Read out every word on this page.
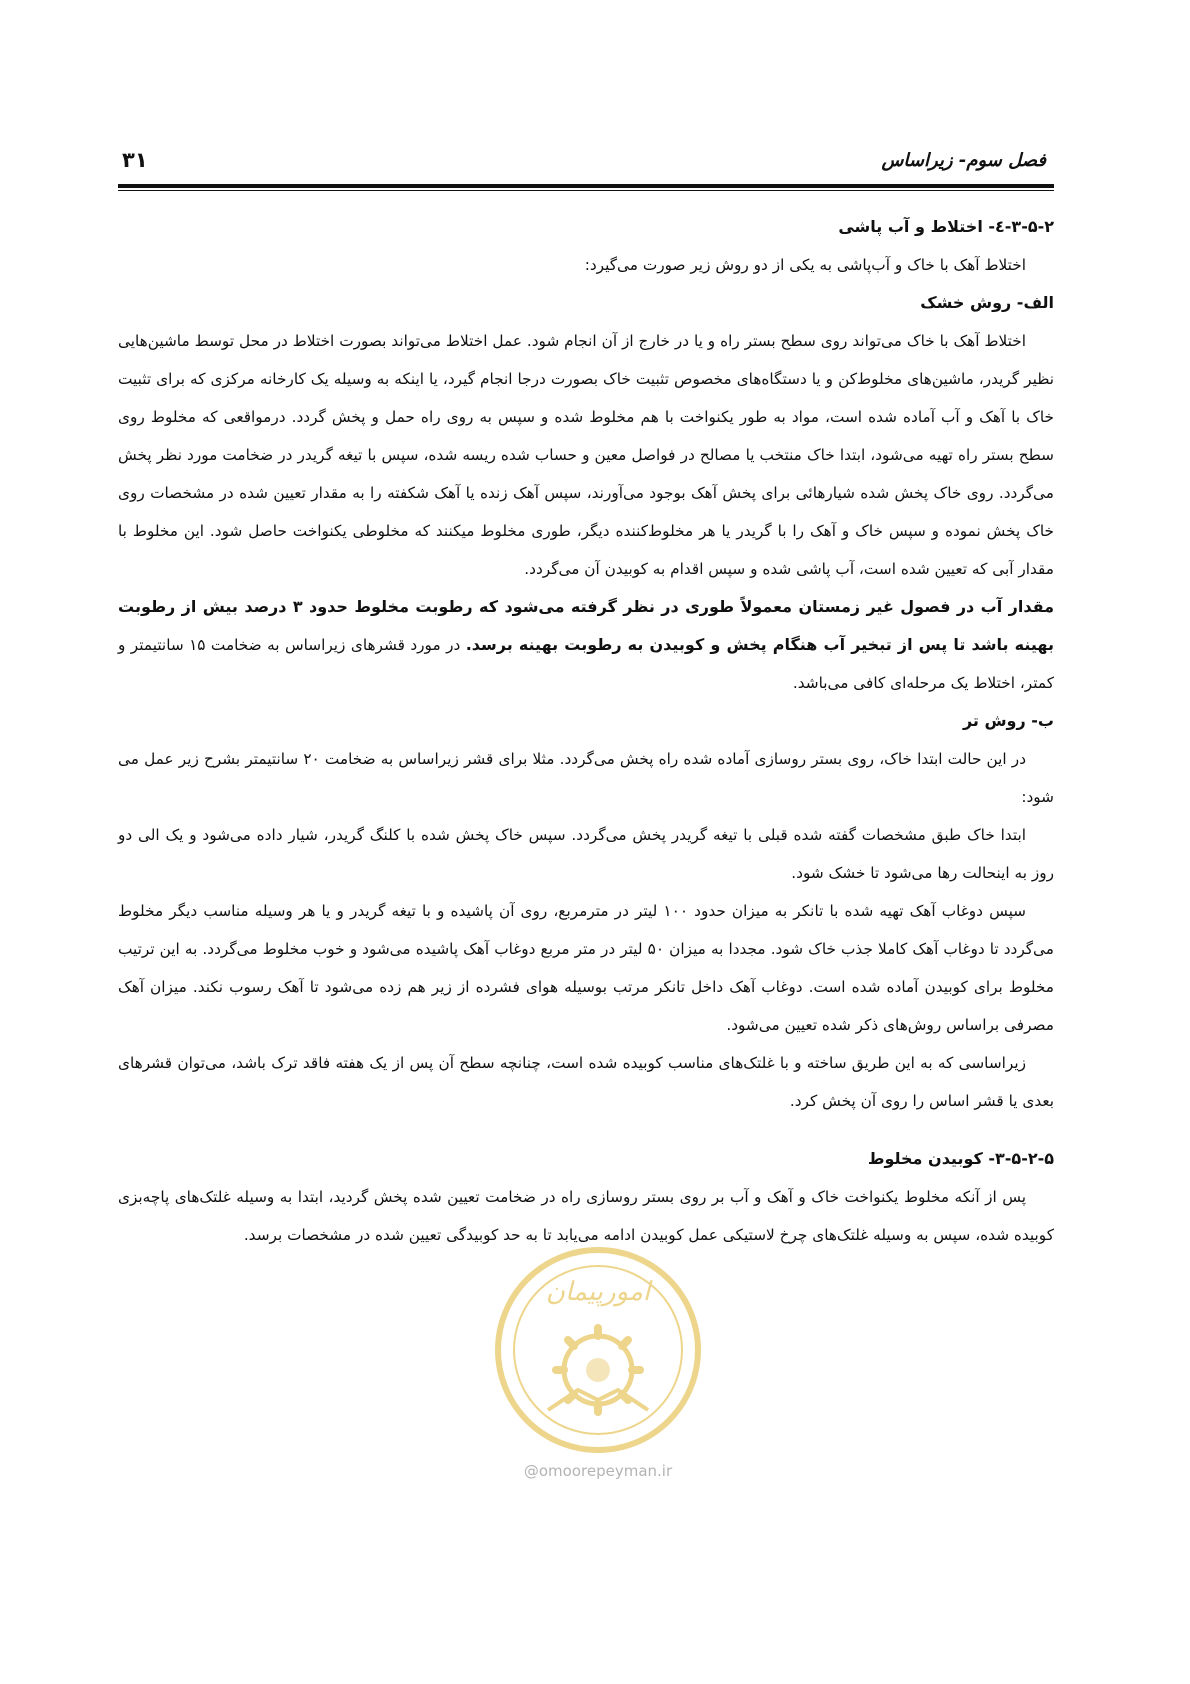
فصل سوم- زیراساس
۳۱
۳-۵-۲-٤- اختلاط و آب پاشی

اختلاط آهک با خاک و آب‌پاشی به یکی از دو روش زیر صورت می‌گیرد:

الف- روش خشک

اختلاط آهک با خاک می‌تواند روی سطح بستر راه و یا در خارج از آن انجام شود. عمل اختلاط می‌تواند بصورت اختلاط در محل توسط ماشین‌هایی نظیر گریدر، ماشین‌های مخلوط‌کن و یا دستگاه‌های مخصوص تثبیت خاک بصورت درجا انجام گیرد، یا اینکه به وسیله یک کارخانه مرکزی که برای تثبیت خاک با آهک و آب آماده شده است، مواد به طور یکنواخت با هم مخلوط شده و سپس به روی راه حمل و پخش گردد. درمواقعی که مخلوط روی سطح بستر راه تهیه می‌شود، ابتدا خاک منتخب یا مصالح در فواصل معین و حساب شده ریسه شده، سپس با تیغه گریدر در ضخامت مورد نظر پخش می‌گردد. روی خاک پخش شده شیارهائی برای پخش آهک بوجود می‌آورند، سپس آهک زنده یا آهک شکفته را به مقدار تعیین شده در مشخصات روی خاک پخش نموده و سپس خاک و آهک را با گریدر یا هر مخلوط‌کننده دیگر، طوری مخلوط میکنند که مخلوطی یکنواخت حاصل شود. این مخلوط با مقدار آبی که تعیین شده است، آب پاشی شده و سپس اقدام به کوبیدن آن می‌گردد.

مقدار آب در فصول غیر زمستان معمولاً طوری در نظر گرفته می‌شود که رطوبت مخلوط حدود ۳ درصد بیش از رطوبت بهینه باشد تا پس از تبخیر آب هنگام پخش و کوبیدن به رطوبت بهینه برسد. در مورد قشرهای زیراساس به ضخامت ۱۵ سانتیمتر و کمتر، اختلاط یک مرحله‌ای کافی می‌باشد.

ب- روش تر

در این حالت ابتدا خاک، روی بستر روسازی آماده شده راه پخش می‌گردد. مثلا برای قشر زیراساس به ضخامت ۲۰ سانتیمتر بشرح زیر عمل می شود:

ابتدا خاک طبق مشخصات گفته شده قبلی با تیغه گریدر پخش می‌گردد. سپس خاک پخش شده با کلنگ گریدر، شیار داده می‌شود و یک الی دو روز به اینحالت رها می‌شود تا خشک شود.

سپس دوغاب آهک تهیه شده با تانکر به میزان حدود ۱۰۰ لیتر در مترمربع، روی آن پاشیده و با تیغه گریدر و یا هر وسیله مناسب دیگر مخلوط می‌گردد تا دوغاب آهک کاملا جذب خاک شود. مجددا به میزان ۵۰ لیتر در متر مربع دوغاب آهک پاشیده می‌شود و خوب مخلوط می‌گردد. به این ترتیب مخلوط برای کوبیدن آماده شده است. دوغاب آهک داخل تانکر مرتب بوسیله هوای فشرده از زیر هم زده می‌شود تا آهک رسوب نکند. میزان آهک مصرفی براساس روش‌های ذکر شده تعیین می‌شود.

زیراساسی که به این طریق ساخته و با غلتک‌های مناسب کوبیده شده است، چنانچه سطح آن پس از یک هفته فاقد ترک باشد، می‌توان قشرهای بعدی یا قشر اساس را روی آن پخش کرد.

۳-۵-۲-۵- کوبیدن مخلوط

پس از آنکه مخلوط یکنواخت خاک و آهک و آب بر روی بستر روسازی راه در ضخامت تعیین شده پخش گردید، ابتدا به وسیله غلتک‌های پاچه‌بزی کوبیده شده، سپس به وسیله غلتک‌های چرخ لاستیکی عمل کوبیدن ادامه می‌یابد تا به حد کوبیدگی تعیین شده در مشخصات برسد.

امورپیمان
@omoorepeyman.ir
